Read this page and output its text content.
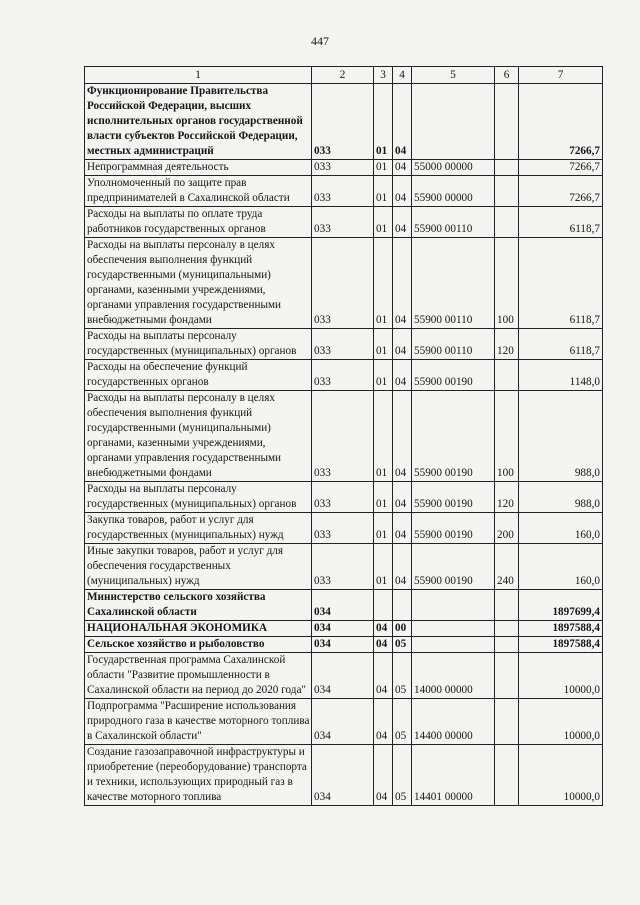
447
1	2	3	4	5	6	7
Функционирование Правительства Российской Федерации, высших исполнительных органов государственной власти субъектов Российской Федерации, местных администраций	033	01	04			7266,7
Непрограммная деятельность	033	01	04	55000 00000		7266,7
Уполномоченный по защите прав предпринимателей в Сахалинской области	033	01	04	55900 00000		7266,7
Расходы на выплаты по оплате труда работников государственных органов	033	01	04	55900 00110		6118,7
Расходы на выплаты персоналу в целях обеспечения выполнения функций государственными (муниципальными) органами, казенными учреждениями, органами управления государственными внебюджетными фондами	033	01	04	55900 00110	100	6118,7
Расходы на выплаты персоналу государственных (муниципальных) органов	033	01	04	55900 00110	120	6118,7
Расходы на обеспечение функций государственных органов	033	01	04	55900 00190		1148,0
Расходы на выплаты персоналу в целях обеспечения выполнения функций государственными (муниципальными) органами, казенными учреждениями, органами управления государственными внебюджетными фондами	033	01	04	55900 00190	100	988,0
Расходы на выплаты персоналу государственных (муниципальных) органов	033	01	04	55900 00190	120	988,0
Закупка товаров, работ и услуг для государственных (муниципальных) нужд	033	01	04	55900 00190	200	160,0
Иные закупки товаров, работ и услуг для обеспечения государственных (муниципальных) нужд	033	01	04	55900 00190	240	160,0
Министерство сельского хозяйства Сахалинской области	034					1897699,4
НАЦИОНАЛЬНАЯ ЭКОНОМИКА	034	04	00			1897588,4
Сельское хозяйство и рыболовство	034	04	05			1897588,4
Государственная программа Сахалинской области "Развитие промышленности в Сахалинской области на период до 2020 года"	034	04	05	14000 00000		10000,0
Подпрограмма "Расширение использования природного газа в качестве моторного топлива в Сахалинской области"	034	04	05	14400 00000		10000,0
Создание газозаправочной инфраструктуры и приобретение (переоборудование) транспорта и техники, использующих природный газ в качестве моторного топлива	034	04	05	14401 00000		10000,0
